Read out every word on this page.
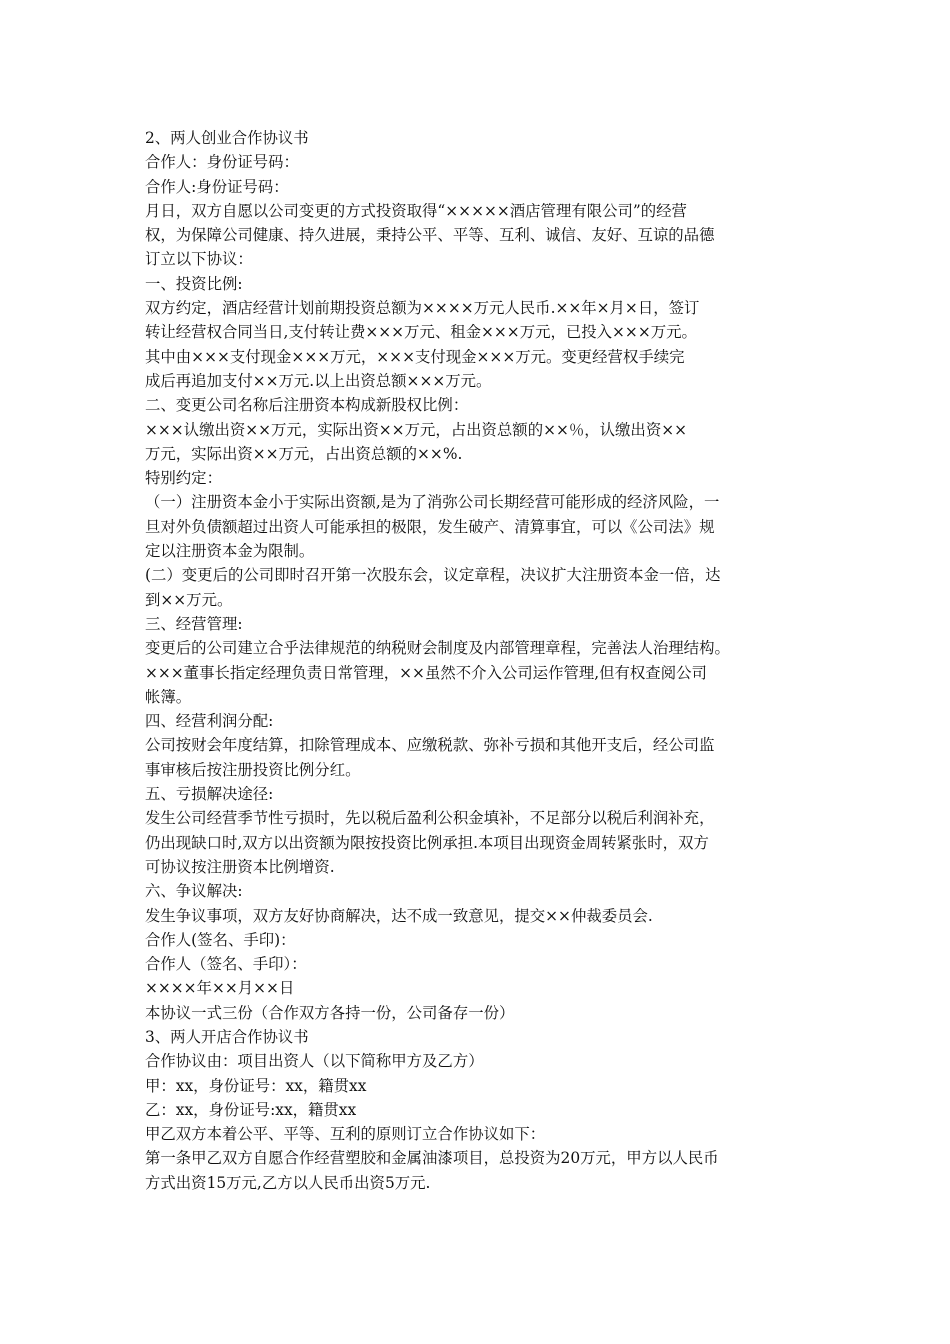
2、两人创业合作协议书

合作人：身份证号码：

合作人:身份证号码：

月日，双方自愿以公司变更的方式投资取得“×××××酒店管理有限公司”的经营

权，为保障公司健康、持久进展，秉持公平、平等、互利、诚信、友好、互谅的品德

订立以下协议：

一、投资比例:

双方约定，酒店经营计划前期投资总额为××××万元人民币.××年×月×日，签订

转让经营权合同当日,支付转让费×××万元、租金×××万元，已投入×××万元。

其中由×××支付现金×××万元，×××支付现金×××万元。变更经营权手续完

成后再追加支付××万元.以上出资总额×××万元。

二、变更公司名称后注册资本构成新股权比例：

×××认缴出资××万元，实际出资××万元，占出资总额的××％，认缴出资××

万元，实际出资××万元，占出资总额的××%.

特别约定：

（一）注册资本金小于实际出资额,是为了消弥公司长期经营可能形成的经济风险，一

旦对外负债额超过出资人可能承担的极限，发生破产、清算事宜，可以《公司法》规

定以注册资本金为限制。

(二）变更后的公司即时召开第一次股东会，议定章程，决议扩大注册资本金一倍，达

到××万元。

三、经营管理:

变更后的公司建立合乎法律规范的纳税财会制度及内部管理章程，完善法人治理结构。

×××董事长指定经理负责日常管理，××虽然不介入公司运作管理,但有权查阅公司

帐簿。

四、经营利润分配:

公司按财会年度结算，扣除管理成本、应缴税款、弥补亏损和其他开支后，经公司监

事审核后按注册投资比例分红。

五、亏损解决途径:

发生公司经营季节性亏损时，先以税后盈利公积金填补，不足部分以税后利润补充，

仍出现缺口时,双方以出资额为限按投资比例承担.本项目出现资金周转紧张时，双方

可协议按注册资本比例增资.

六、争议解决:

发生争议事项，双方友好协商解决，达不成一致意见，提交××仲裁委员会.

合作人(签名、手印)：

合作人（签名、手印）：

××××年××月××日

本协议一式三份（合作双方各持一份，公司备存一份）

3、两人开店合作协议书

合作协议由：项目出资人（以下简称甲方及乙方）

甲：xx，身份证号：xx，籍贯xx

乙：xx，身份证号:xx，籍贯xx

甲乙双方本着公平、平等、互利的原则订立合作协议如下：

第一条甲乙双方自愿合作经营塑胶和金属油漆项目，总投资为20万元，甲方以人民币

方式出资15万元,乙方以人民币出资5万元.
